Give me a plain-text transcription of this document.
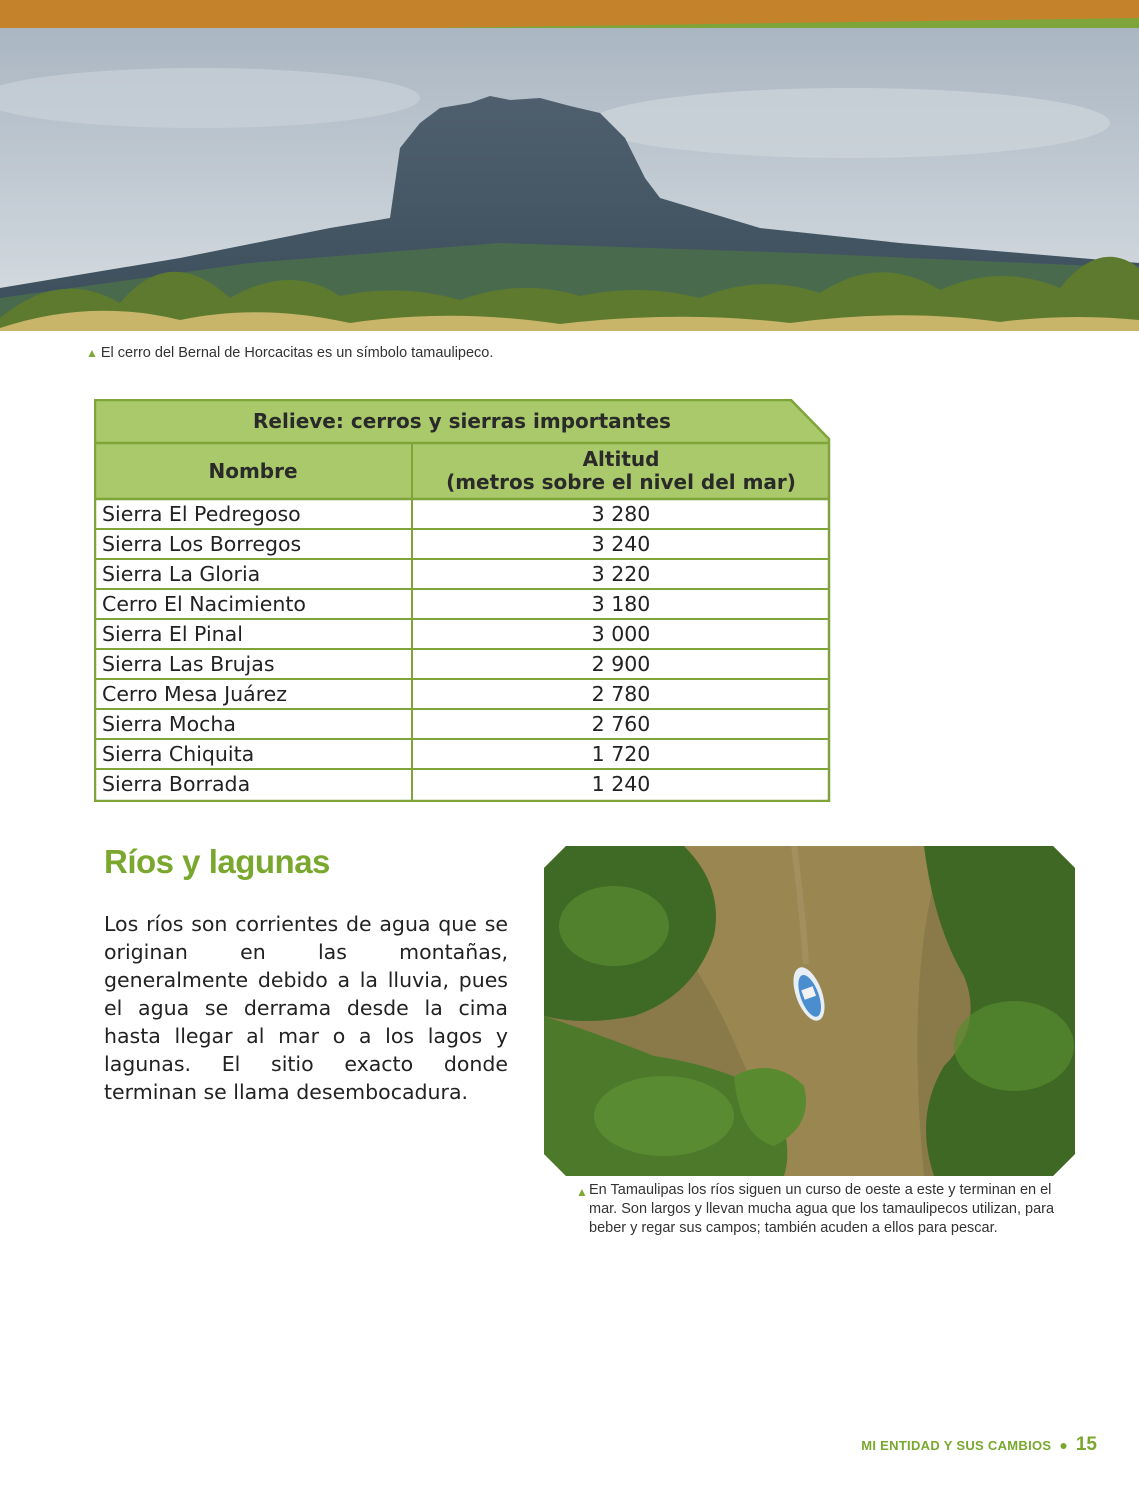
▲ El cerro del Bernal de Horcacitas es un símbolo tamaulipeco.
Relieve: cerros y sierras importantes
Nombre	Altitud
(metros sobre el nivel del mar)
Sierra El Pedregoso	3 280
Sierra Los Borregos	3 240
Sierra La Gloria	3 220
Cerro El Nacimiento	3 180
Sierra El Pinal	3 000
Sierra Las Brujas	2 900
Cerro Mesa Juárez	2 780
Sierra Mocha	2 760
Sierra Chiquita	1 720
Sierra Borrada	1 240
Ríos y lagunas
Los ríos son corrientes de agua que se originan en las montañas, generalmente debido a la lluvia, pues el agua se derrama desde la cima hasta llegar al mar o a los lagos y lagunas. El sitio exacto donde terminan se llama desembocadura.
▲ En Tamaulipas los ríos siguen un curso de oeste a este y terminan en el mar. Son largos y llevan mucha agua que los tamaulipecos utilizan, para beber y regar sus campos; también acuden a ellos para pescar.
MI ENTIDAD Y SUS CAMBIOS ● 15
